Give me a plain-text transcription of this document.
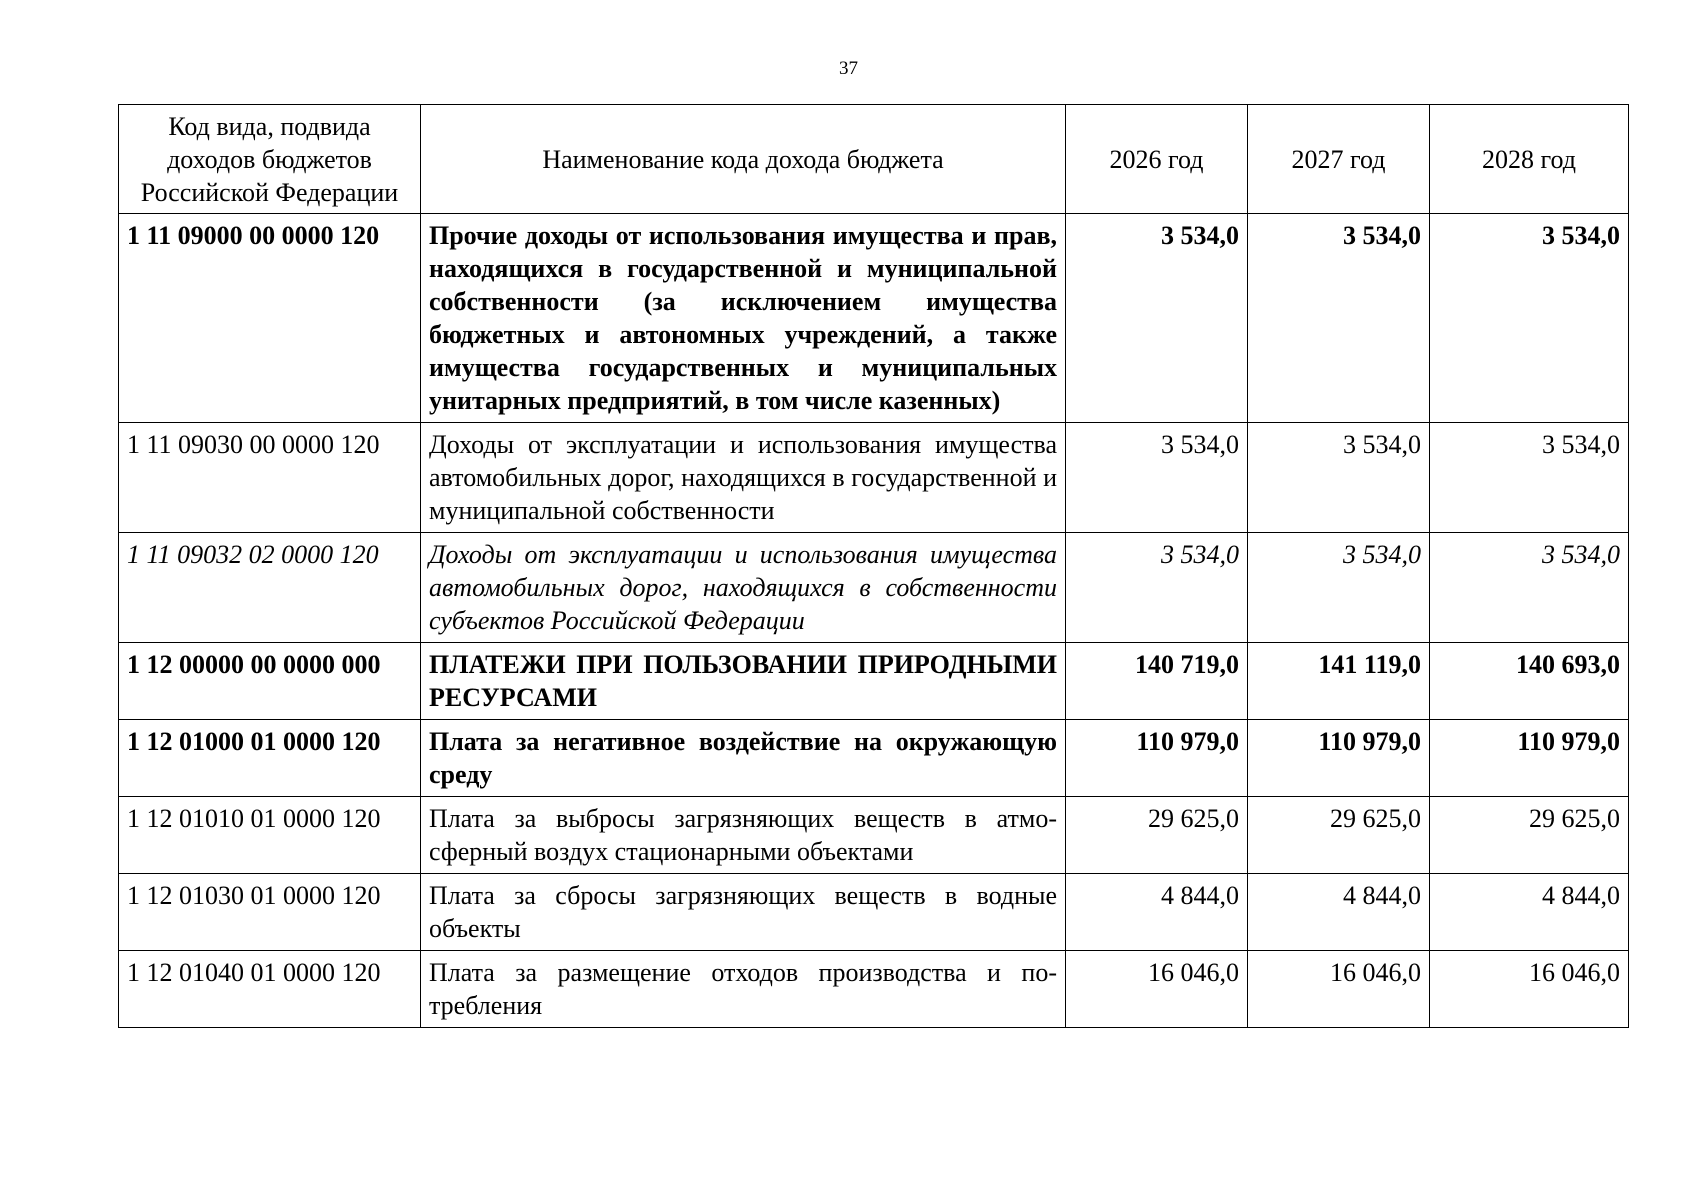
37
Код вида, подвида доходов бюджетов Российской Федерации	Наименование кода дохода бюджета	2026 год	2027 год	2028 год
1 11 09000 00 0000 120	Прочие доходы от использования имущества и прав, находящихся в государственной и муниципальной собственности (за исключением имущества бюджетных и автономных учреждений, а также имущества государственных и муниципальных унитарных предприятий, в том числе казенных)	3 534,0	3 534,0	3 534,0
1 11 09030 00 0000 120	Доходы от эксплуатации и использования имущества автомобильных дорог, находящихся в государственной и муниципальной собственности	3 534,0	3 534,0	3 534,0
1 11 09032 02 0000 120	Доходы от эксплуатации и использования имущества автомобильных дорог, находящихся в собственности субъектов Российской Федерации	3 534,0	3 534,0	3 534,0
1 12 00000 00 0000 000	ПЛАТЕЖИ ПРИ ПОЛЬЗОВАНИИ ПРИРОДНЫМИ РЕСУРСАМИ	140 719,0	141 119,0	140 693,0
1 12 01000 01 0000 120	Плата за негативное воздействие на окружающую среду	110 979,0	110 979,0	110 979,0
1 12 01010 01 0000 120	Плата за выбросы загрязняющих веществ в атмосферный воздух стационарными объектами	29 625,0	29 625,0	29 625,0
1 12 01030 01 0000 120	Плата за сбросы загрязняющих веществ в водные объекты	4 844,0	4 844,0	4 844,0
1 12 01040 01 0000 120	Плата за размещение отходов производства и потребления	16 046,0	16 046,0	16 046,0
